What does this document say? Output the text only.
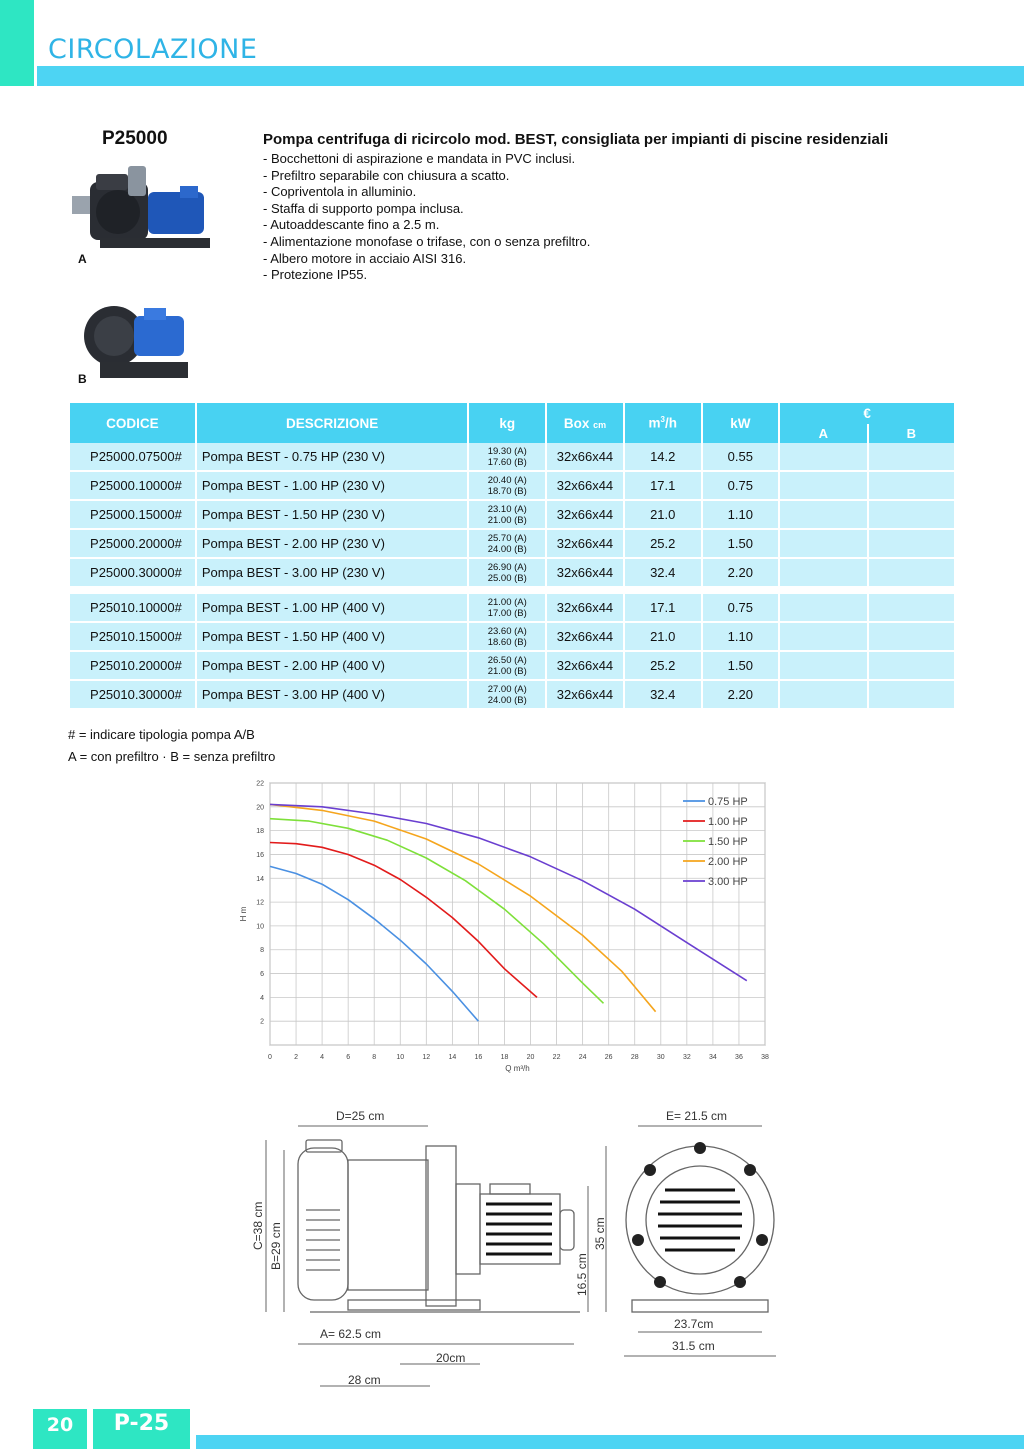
CIRCOLAZIONE
P25000	Pompa centrifuga di ricircolo mod. BEST, consigliata per impianti di piscine residenziali
- Bocchettoni di aspirazione e mandata in PVC inclusi.
- Prefiltro separabile con chiusura a scatto.
- Copriventola in alluminio.
- Staffa di supporto pompa inclusa.
- Autoaddescante fino a 2.5 m.
- Alimentazione monofase o trifase, con o senza prefiltro.
- Albero motore in acciaio AISI 316.
- Protezione IP55.
A
B
CODICE	DESCRIZIONE	kg	Box cm	$m^3/h$	kW	€	
						A	B
P25000.07500#	Pompa BEST - 0.75 HP (230 V)	19.30 (A)
17.60 (B)	32x66x44	14.2	0.55		
P25000.10000#	Pompa BEST - 1.00 HP (230 V)	20.40 (A)
18.70 (B)	32x66x44	17.1	0.75		
P25000.15000#	Pompa BEST - 1.50 HP (230 V)	23.10 (A)
21.00 (B)	32x66x44	21.0	1.10		
P25000.20000#	Pompa BEST - 2.00 HP (230 V)	25.70 (A)
24.00 (B)	32x66x44	25.2	1.50		
P25000.30000#	Pompa BEST - 3.00 HP (230 V)	26.90 (A)
25.00 (B)	32x66x44	32.4	2.20		

P25010.10000#	Pompa BEST - 1.00 HP (400 V)	21.00 (A)
17.00 (B)	32x66x44	17.1	0.75		
P25010.15000#	Pompa BEST - 1.50 HP (400 V)	23.60 (A)
18.60 (B)	32x66x44	21.0	1.10		
P25010.20000#	Pompa BEST - 2.00 HP (400 V)	26.50 (A)
21.00 (B)	32x66x44	25.2	1.50		
P25010.30000#	Pompa BEST - 3.00 HP (400 V)	27.00 (A)
24.00 (B)	32x66x44	32.4	2.20		
# = indicare tipologia pompa A/B
A = con prefiltro · B = senza prefiltro
0	2	4	6	8	10	12	14	16	18	20	22	24	26	28	30	32	34	36	38
2
4
6
8
10
12
14
16
18
20
22
Q m³/h
H m
0.75 HP
1.00 HP
1.50 HP
2.00 HP
3.00 HP
D=25 cm	E= 21.5 cm
C=38 cm B=29 cm
16.5 cm
35 cm
A= 62.5 cm
20cm
28 cm
23.7cm
31.5 cm
20	P-25
